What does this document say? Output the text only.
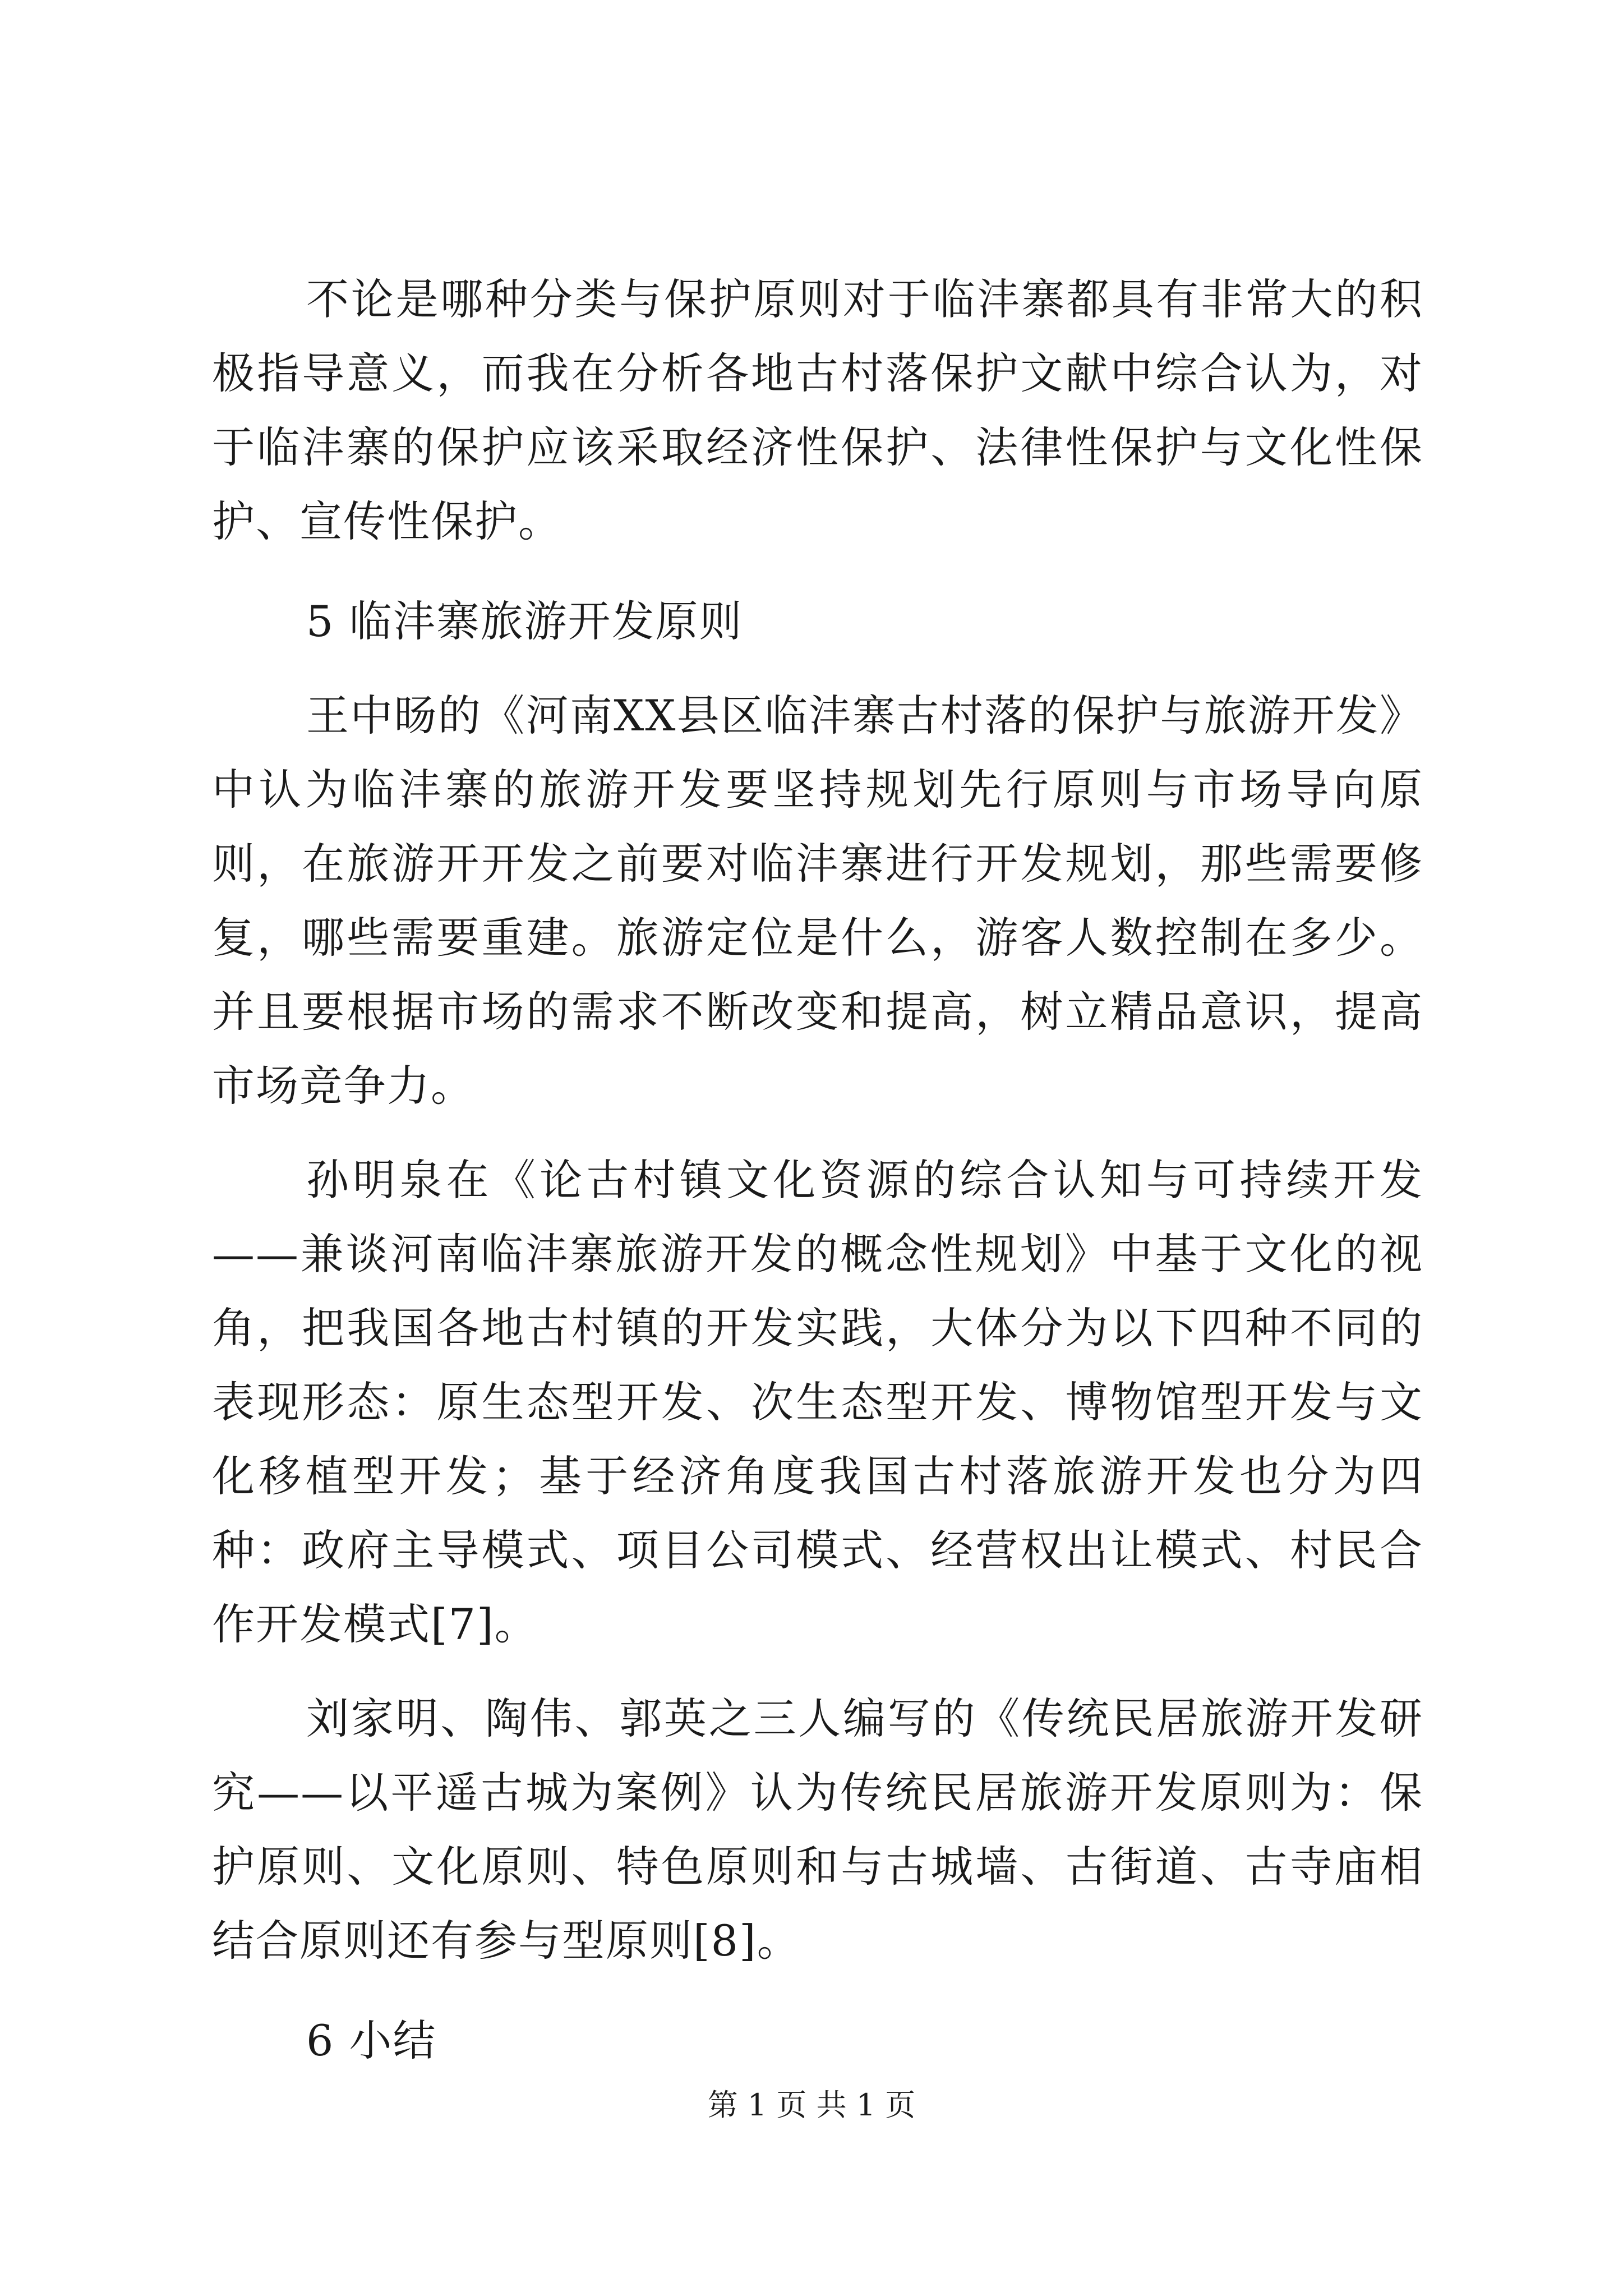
不论是哪种分类与保护原则对于临沣寨都具有非常大的积极指导意义，而我在分析各地古村落保护文献中综合认为，对于临沣寨的保护应该采取经济性保护、法律性保护与文化性保护、宣传性保护。

5 临沣寨旅游开发原则

王中旸的《河南XX县区临沣寨古村落的保护与旅游开发》中认为临沣寨的旅游开发要坚持规划先行原则与市场导向原则，在旅游开开发之前要对临沣寨进行开发规划，那些需要修复，哪些需要重建。旅游定位是什么，游客人数控制在多少。并且要根据市场的需求不断改变和提高，树立精品意识，提高市场竞争力。

孙明泉在《论古村镇文化资源的综合认知与可持续开发——兼谈河南临沣寨旅游开发的概念性规划》中基于文化的视角，把我国各地古村镇的开发实践，大体分为以下四种不同的表现形态：原生态型开发、次生态型开发、博物馆型开发与文化移植型开发；基于经济角度我国古村落旅游开发也分为四种：政府主导模式、项目公司模式、经营权出让模式、村民合作开发模式[7]。

刘家明、陶伟、郭英之三人编写的《传统民居旅游开发研究——以平遥古城为案例》认为传统民居旅游开发原则为：保护原则、文化原则、特色原则和与古城墙、古街道、古寺庙相结合原则还有参与型原则[8]。

6 小结

第 1 页 共 1 页
